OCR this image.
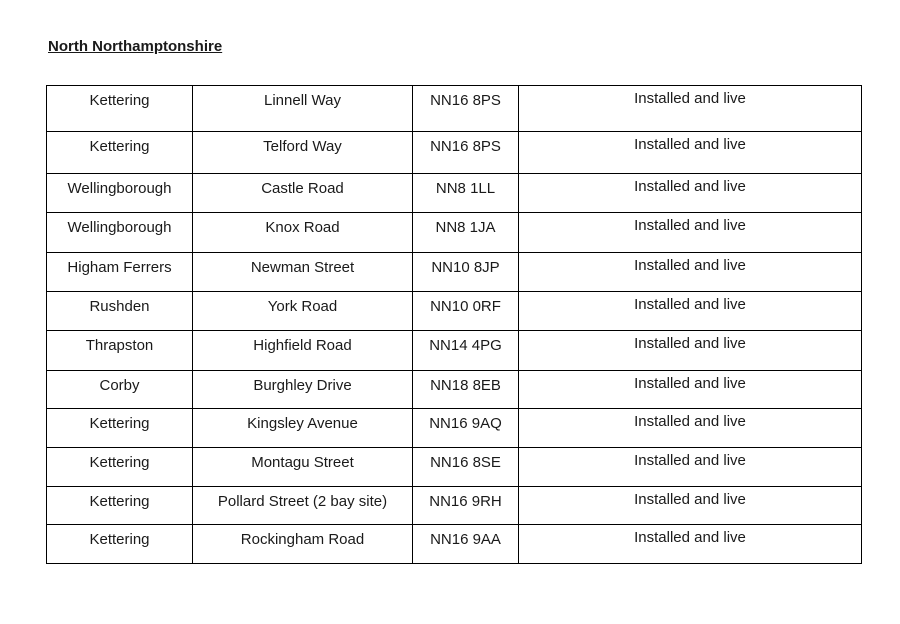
North Northamptonshire
Kettering	Linnell Way	NN16 8PS	Installed and live
Kettering	Telford Way	NN16 8PS	Installed and live
Wellingborough	Castle Road	NN8 1LL	Installed and live
Wellingborough	Knox Road	NN8 1JA	Installed and live
Higham Ferrers	Newman Street	NN10 8JP	Installed and live
Rushden	York Road	NN10 0RF	Installed and live
Thrapston	Highfield Road	NN14 4PG	Installed and live
Corby	Burghley Drive	NN18 8EB	Installed and live
Kettering	Kingsley Avenue	NN16 9AQ	Installed and live
Kettering	Montagu Street	NN16 8SE	Installed and live
Kettering	Pollard Street (2 bay site)	NN16 9RH	Installed and live
Kettering	Rockingham Road	NN16 9AA	Installed and live
